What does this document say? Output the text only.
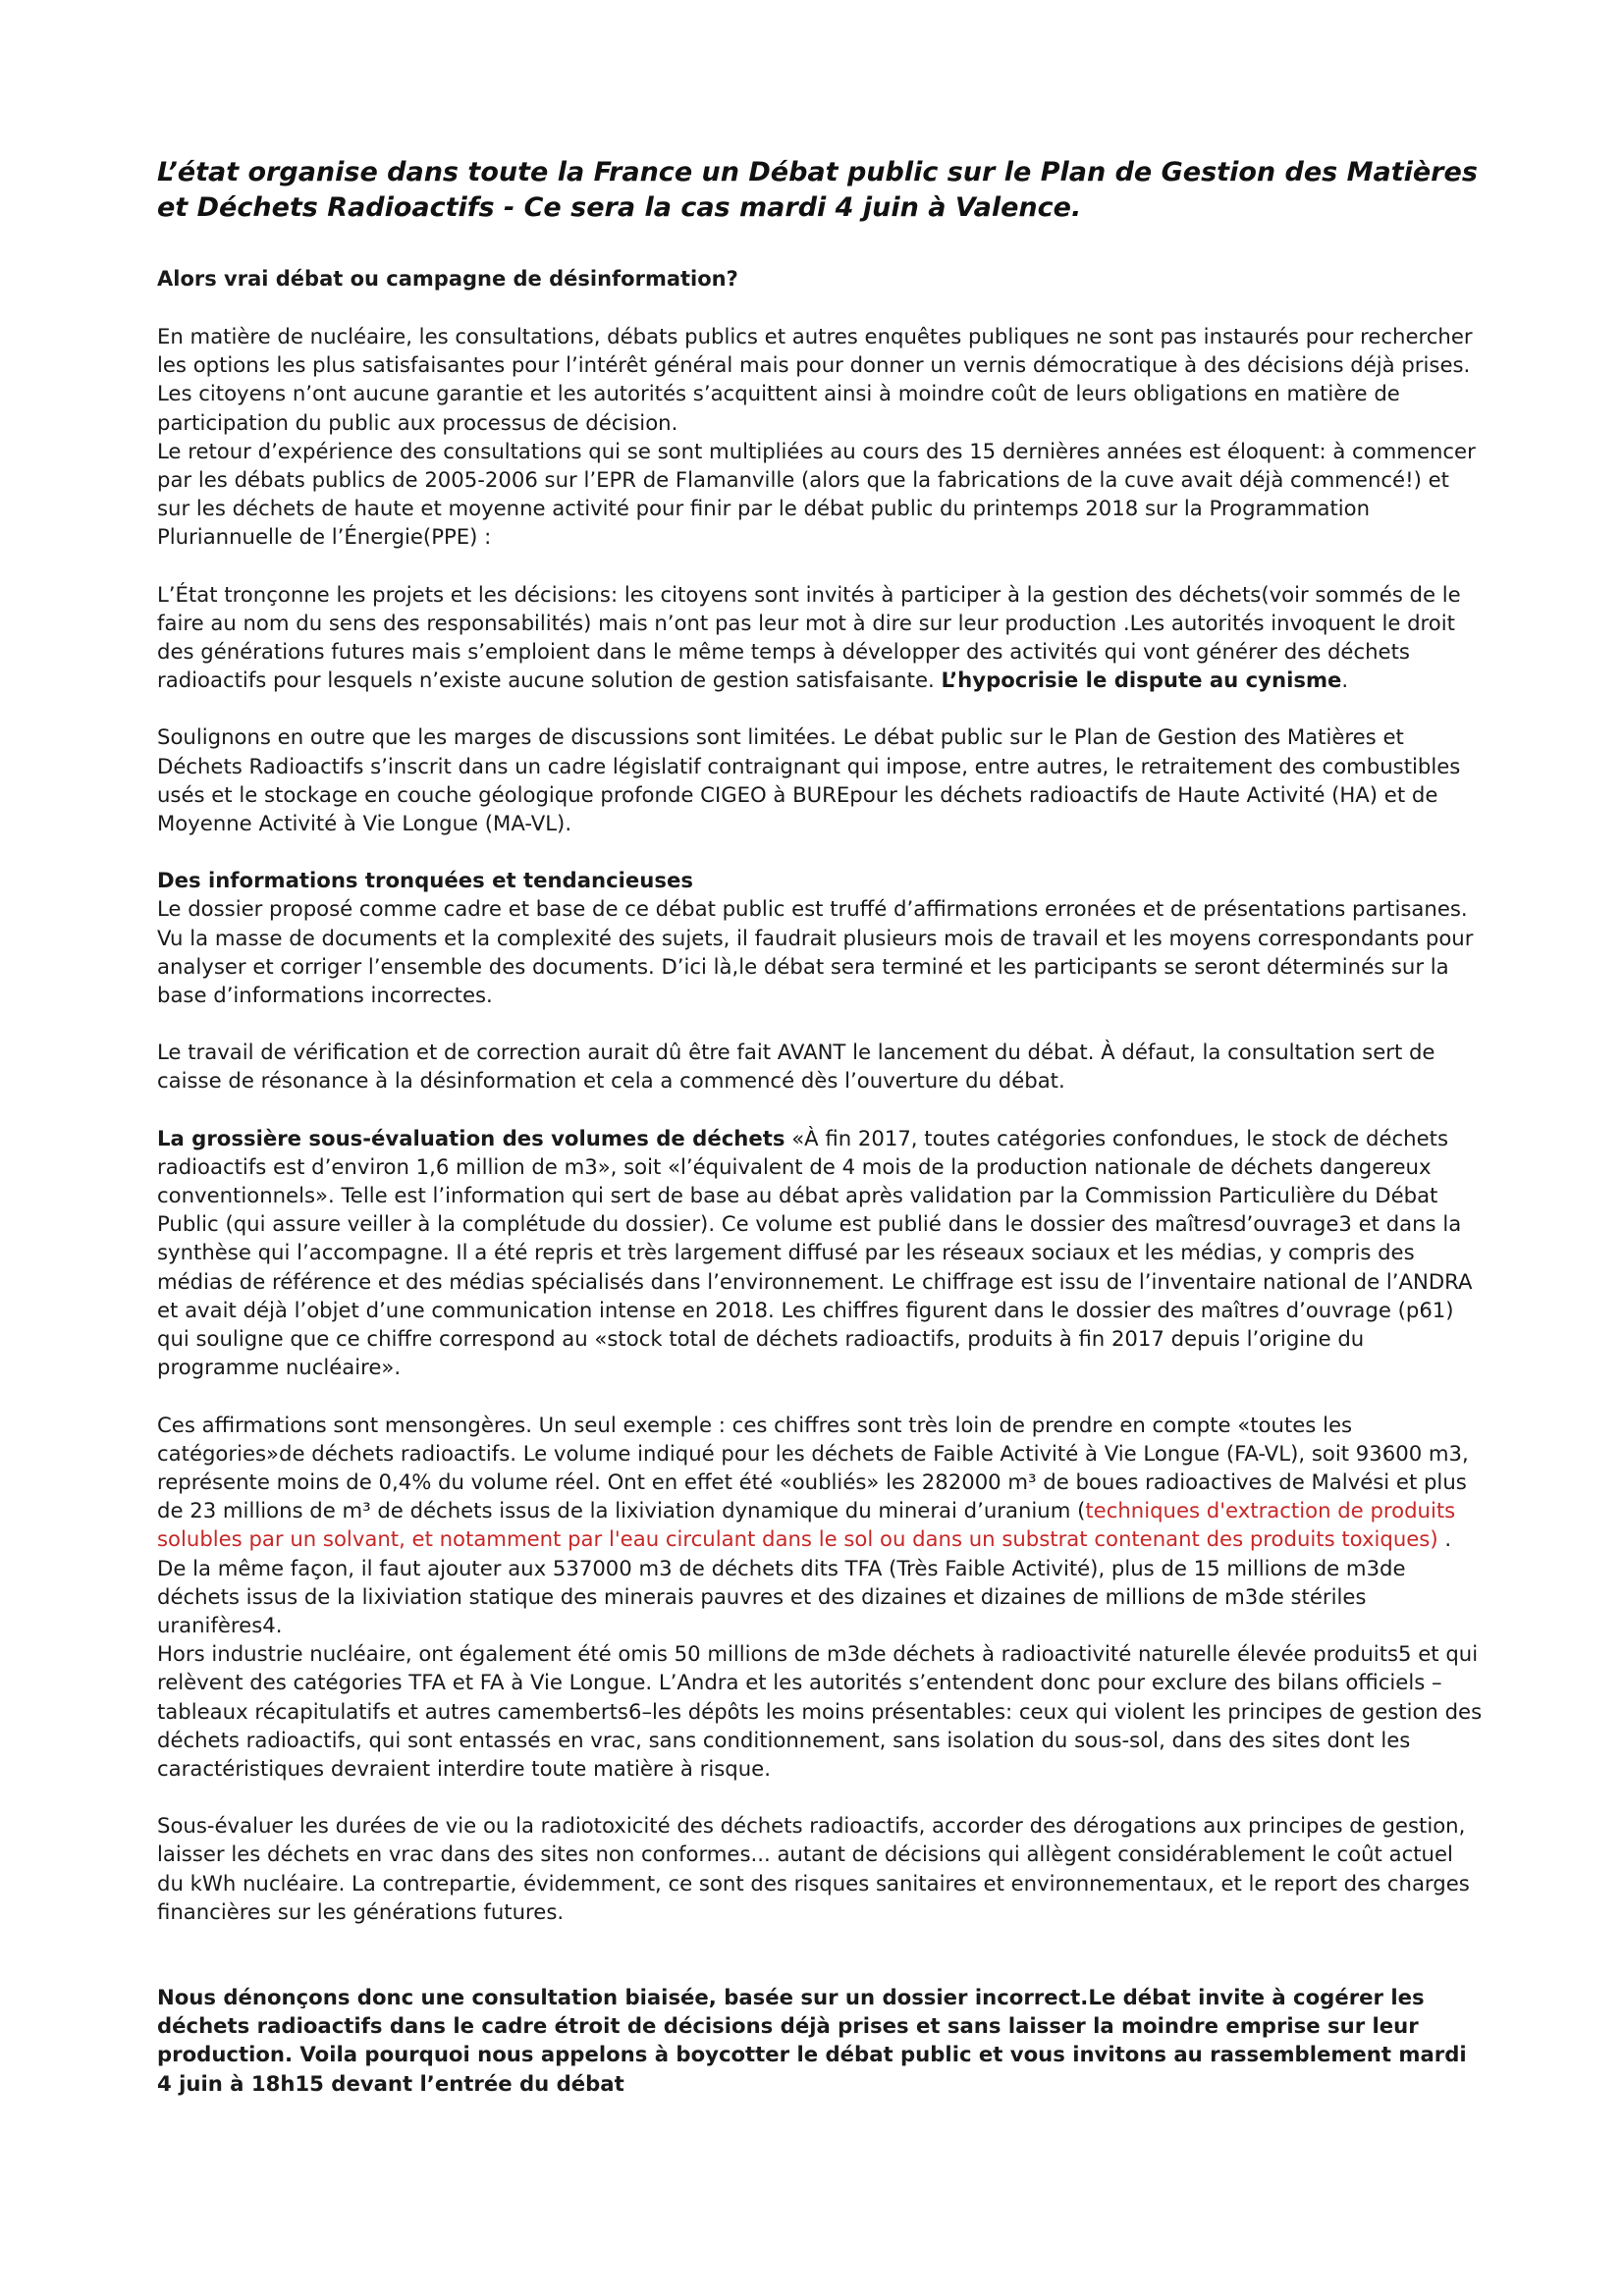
L’état organise dans toute la France un Débat public sur le Plan de Gestion des Matières et Déchets Radioactifs - Ce sera la cas mardi 4 juin à Valence.
Alors vrai débat ou campagne de désinformation?

En matière de nucléaire, les consultations, débats publics et autres enquêtes publiques ne sont pas instaurés pour rechercher les options les plus satisfaisantes pour l’intérêt général mais pour donner un vernis démocratique à des décisions déjà prises. Les citoyens n’ont aucune garantie et les autorités s’acquittent ainsi à moindre coût de leurs obligations en matière de participation du public aux processus de décision.

Le retour d’expérience des consultations qui se sont multipliées au cours des 15 dernières années est éloquent: à commencer par les débats publics de 2005-2006 sur l’EPR de Flamanville (alors que la fabrications de la cuve avait déjà commencé!) et sur les déchets de haute et moyenne activité pour finir par le débat public du printemps 2018 sur la Programmation Pluriannuelle de l’Énergie(PPE) :

L’État tronçonne les projets et les décisions: les citoyens sont invités à participer à la gestion des déchets(voir sommés de le faire au nom du sens des responsabilités) mais n’ont pas leur mot à dire sur leur production .Les autorités invoquent le droit des générations futures mais s’emploient dans le même temps à développer des activités qui vont générer des déchets radioactifs pour lesquels n’existe aucune solution de gestion satisfaisante. L’hypocrisie le dispute au cynisme.

Soulignons en outre que les marges de discussions sont limitées. Le débat public sur le Plan de Gestion des Matières et Déchets Radioactifs s’inscrit dans un cadre législatif contraignant qui impose, entre autres, le retraitement des combustibles usés et le stockage en couche géologique profonde CIGEO à BUREpour les déchets radioactifs de Haute Activité (HA) et de Moyenne Activité à Vie Longue (MA-VL).

Des informations tronquées et tendancieuses

Le dossier proposé comme cadre et base de ce débat public est truffé d’affirmations erronées et de présentations partisanes. Vu la masse de documents et la complexité des sujets, il faudrait plusieurs mois de travail et les moyens correspondants pour analyser et corriger l’ensemble des documents. D’ici là,le débat sera terminé et les participants se seront déterminés sur la base d’informations incorrectes.

Le travail de vérification et de correction aurait dû être fait AVANT le lancement du débat. À défaut, la consultation sert de caisse de résonance à la désinformation et cela a commencé dès l’ouverture du débat.

La grossière sous-évaluation des volumes de déchets «À fin 2017, toutes catégories confondues, le stock de déchets radioactifs est d’environ 1,6 million de m3», soit «l’équivalent de 4 mois de la production nationale de déchets dangereux conventionnels». Telle est l’information qui sert de base au débat après validation par la Commission Particulière du Débat Public (qui assure veiller à la complétude du dossier). Ce volume est publié dans le dossier des maîtresd’ouvrage3 et dans la synthèse qui l’accompagne. Il a été repris et très largement diffusé par les réseaux sociaux et les médias, y compris des médias de référence et des médias spécialisés dans l’environnement. Le chiffrage est issu de l’inventaire national de l’ANDRA et avait déjà l’objet d’une communication intense en 2018. Les chiffres figurent dans le dossier des maîtres d’ouvrage (p61) qui souligne que ce chiffre correspond au «stock total de déchets radioactifs, produits à fin 2017 depuis l’origine du programme nucléaire».

Ces affirmations sont mensongères. Un seul exemple : ces chiffres sont très loin de prendre en compte «toutes les catégories»de déchets radioactifs. Le volume indiqué pour les déchets de Faible Activité à Vie Longue (FA-VL), soit 93600 m3, représente moins de 0,4% du volume réel. Ont en effet été «oubliés» les 282000 m³ de boues radioactives de Malvési et plus de 23 millions de m³ de déchets issus de la lixiviation dynamique du minerai d’uranium (techniques d'extraction de produits solubles par un solvant, et notamment par l'eau circulant dans le sol ou dans un substrat contenant des produits toxiques) . De la même façon, il faut ajouter aux 537000 m3 de déchets dits TFA (Très Faible Activité), plus de 15 millions de m3de déchets issus de la lixiviation statique des minerais pauvres et des dizaines et dizaines de millions de m3de stériles uranifères4.

Hors industrie nucléaire, ont également été omis 50 millions de m3de déchets à radioactivité naturelle élevée produits5 et qui relèvent des catégories TFA et FA à Vie Longue. L’Andra et les autorités s’entendent donc pour exclure des bilans officiels –tableaux récapitulatifs et autres camemberts6–les dépôts les moins présentables: ceux qui violent les principes de gestion des déchets radioactifs, qui sont entassés en vrac, sans conditionnement, sans isolation du sous-sol, dans des sites dont les caractéristiques devraient interdire toute matière à risque.

Sous-évaluer les durées de vie ou la radiotoxicité des déchets radioactifs, accorder des dérogations aux principes de gestion, laisser les déchets en vrac dans des sites non conformes... autant de décisions qui allègent considérablement le coût actuel du kWh nucléaire. La contrepartie, évidemment, ce sont des risques sanitaires et environnementaux, et le report des charges financières sur les générations futures.

Nous dénonçons donc une consultation biaisée, basée sur un dossier incorrect.Le débat invite à cogérer les déchets radioactifs dans le cadre étroit de décisions déjà prises et sans laisser la moindre emprise sur leur production. Voila pourquoi nous appelons à boycotter le débat public et vous invitons au rassemblement mardi 4 juin à 18h15 devant l’entrée du débat
